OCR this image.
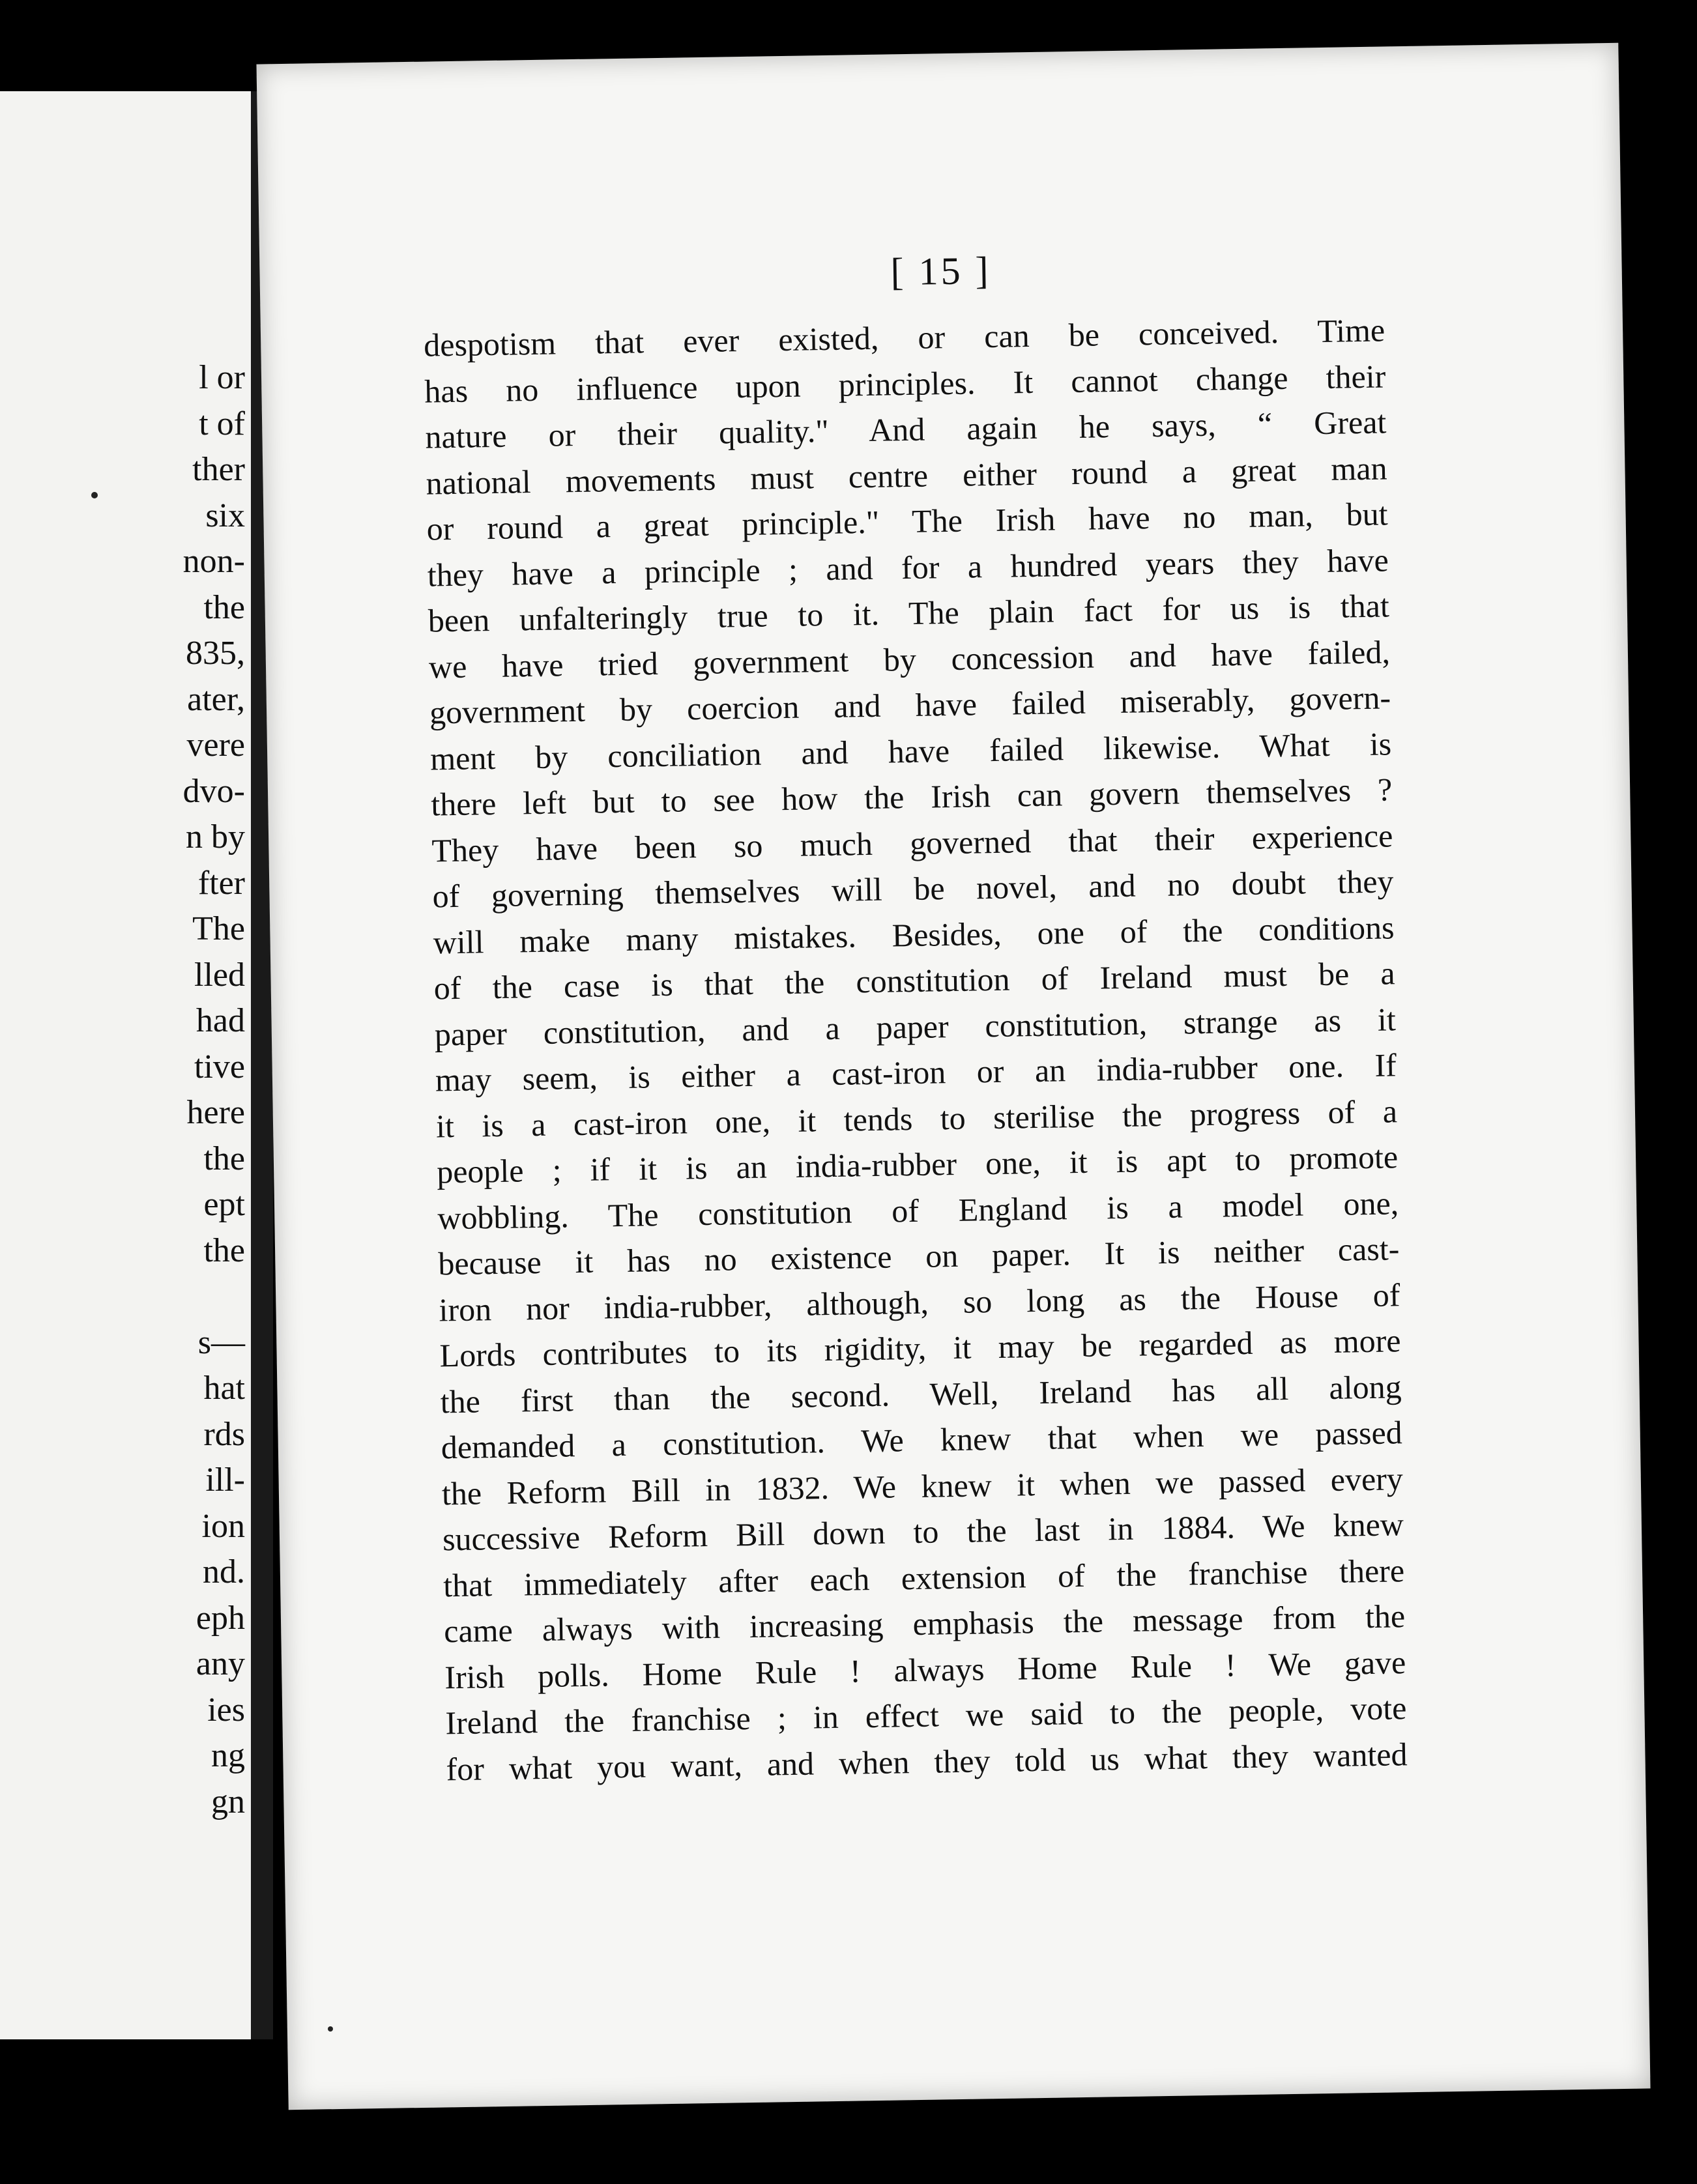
l or
t of
ther
six
non-
the
835,
ater,
vere
dvo-
n by
fter
The
lled
had
tive
here
the
ept
the
s—
hat
rds
ill-
ion
nd.
eph
any
ies
ng
gn
[ 15 ]
despotism that ever existed, or can be conceived. Time
has no influence upon principles. It cannot change their
nature or their quality." And again he says, “ Great
national movements must centre either round a great man
or round a great principle." The Irish have no man, but
they have a principle ; and for a hundred years they have
been unfalteringly true to it. The plain fact for us is that
we have tried government by concession and have failed,
government by coercion and have failed miserably, govern-
ment by conciliation and have failed likewise. What is
there left but to see how the Irish can govern themselves ?
They have been so much governed that their experience
of governing themselves will be novel, and no doubt they
will make many mistakes. Besides, one of the conditions
of the case is that the constitution of Ireland must be a
paper constitution, and a paper constitution, strange as it
may seem, is either a cast-iron or an india-rubber one. If
it is a cast-iron one, it tends to sterilise the progress of a
people ; if it is an india-rubber one, it is apt to promote
wobbling. The constitution of England is a model one,
because it has no existence on paper. It is neither cast-
iron nor india-rubber, although, so long as the House of
Lords contributes to its rigidity, it may be regarded as more
the first than the second. Well, Ireland has all along
demanded a constitution. We knew that when we passed
the Reform Bill in 1832. We knew it when we passed every
successive Reform Bill down to the last in 1884. We knew
that immediately after each extension of the franchise there
came always with increasing emphasis the message from the
Irish polls. Home Rule ! always Home Rule ! We gave
Ireland the franchise ; in effect we said to the people, vote
for what you want, and when they told us what they wanted
